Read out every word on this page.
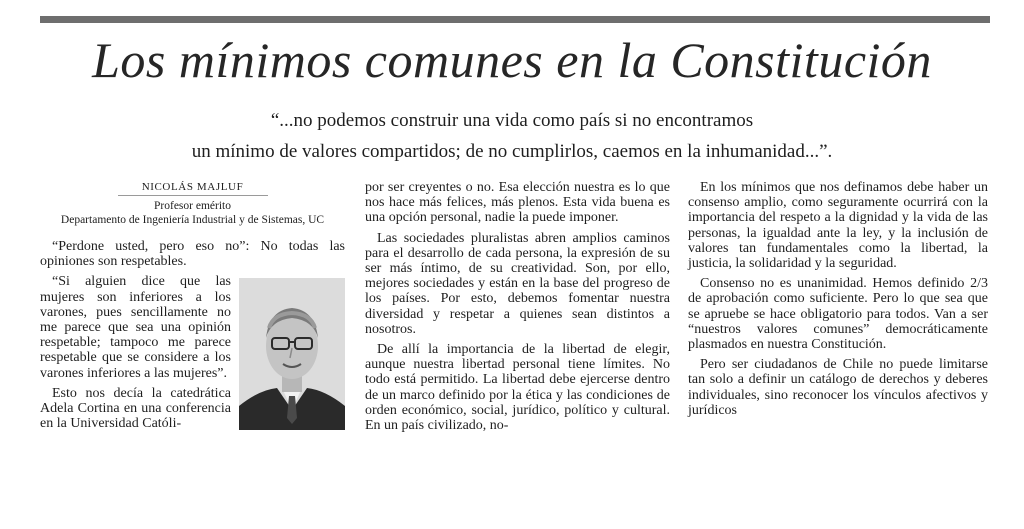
Los mínimos comunes en la Constitución
“...no podemos construir una vida como país si no encontramos
un mínimo de valores compartidos; de no cumplirlos, caemos en la inhumanidad...”.
NICOLÁS MAJLUF
Profesor emérito
Departamento de Ingeniería Industrial y de Sistemas, UC

“Perdone usted, pero eso no”: No todas las opiniones son respetables.

“Si alguien dice que las mujeres son inferiores a los varones, pues sencillamente no me parece que sea una opinión respetable; tampoco me parece respetable que se considere a los varones inferiores a las mujeres”.

Esto nos decía la catedrática Adela Cortina en una conferencia en la Universidad Católi-

por ser creyentes o no. Esa elección nuestra es lo que nos hace más felices, más plenos. Esta vida buena es una opción personal, nadie la puede imponer.

Las sociedades pluralistas abren amplios caminos para el desarrollo de cada persona, la expresión de su ser más íntimo, de su creatividad. Son, por ello, mejores sociedades y están en la base del progreso de los países. Por esto, debemos fomentar nuestra diversidad y respetar a quienes sean distintos a nosotros.

De allí la importancia de la libertad de elegir, aunque nuestra libertad personal tiene límites. No todo está permitido. La libertad debe ejercerse dentro de un marco definido por la ética y las condiciones de orden económico, social, jurídico, político y cultural. En un país civilizado, no-

En los mínimos que nos definamos debe haber un consenso amplio, como seguramente ocurrirá con la importancia del respeto a la dignidad y la vida de las personas, la igualdad ante la ley, y la inclusión de valores tan fundamentales como la libertad, la justicia, la solidaridad y la seguridad.

Consenso no es unanimidad. Hemos definido 2/3 de aprobación como suficiente. Pero lo que sea que se apruebe se hace obligatorio para todos. Van a ser “nuestros valores comunes” democráticamente plasmados en nuestra Constitución.

Pero ser ciudadanos de Chile no puede limitarse tan solo a definir un catálogo de derechos y deberes individuales, sino reconocer los vínculos afectivos y jurídicos
